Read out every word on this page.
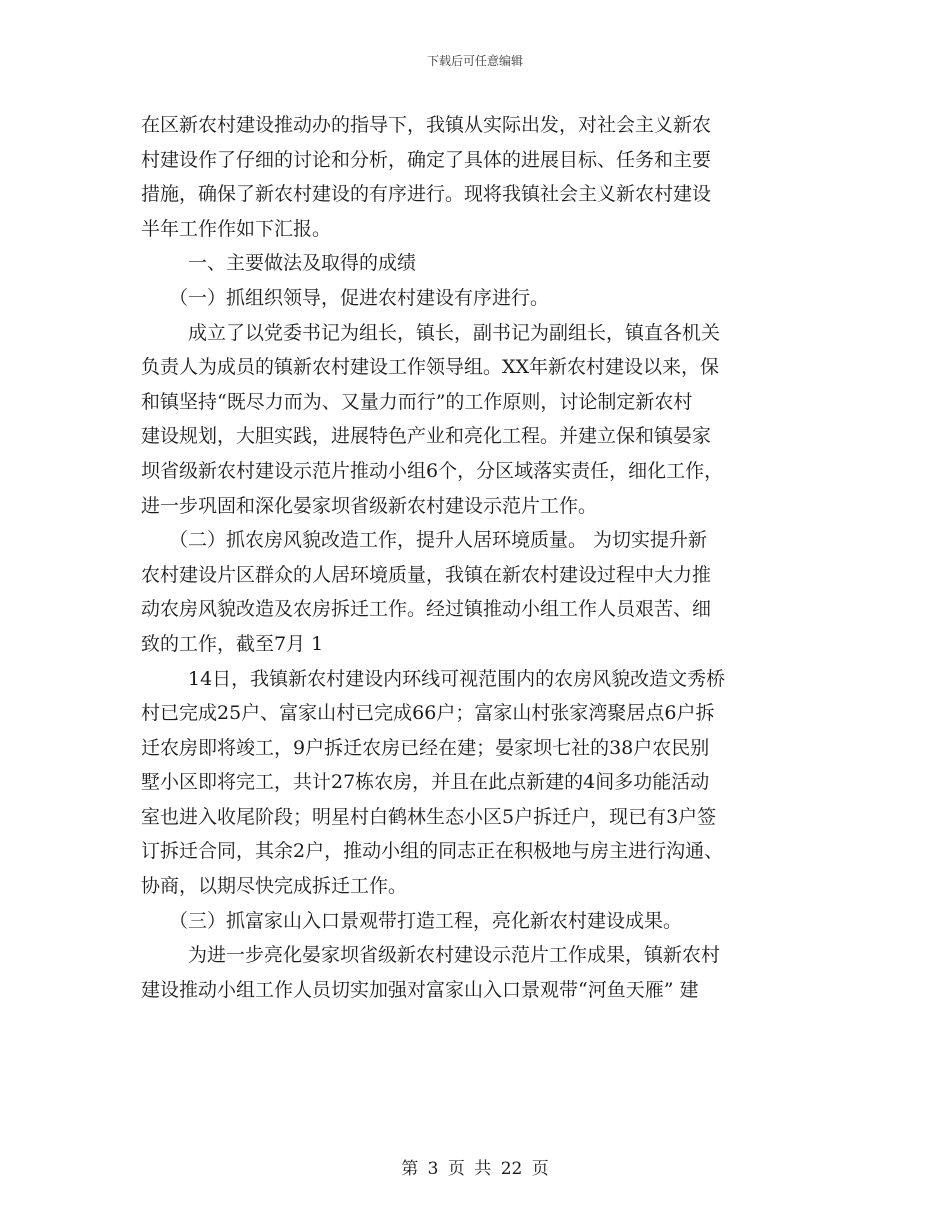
下载后可任意编辑
在区新农村建设推动办的指导下，我镇从实际出发，对社会主义新农
村建设作了仔细的讨论和分析，确定了具体的进展目标、任务和主要
措施，确保了新农村建设的有序进行。现将我镇社会主义新农村建设
半年工作作如下汇报。
一、主要做法及取得的成绩
（一）抓组织领导，促进农村建设有序进行。
成立了以党委书记为组长，镇长，副书记为副组长，镇直各机关
负责人为成员的镇新农村建设工作领导组。XX年新农村建设以来，保
和镇坚持“既尽力而为、又量力而行”的工作原则，讨论制定新农村
建设规划，大胆实践，进展特色产业和亮化工程。并建立保和镇晏家
坝省级新农村建设示范片推动小组6个，分区域落实责任，细化工作，
进一步巩固和深化晏家坝省级新农村建设示范片工作。
（二）抓农房风貌改造工作，提升人居环境质量。 为切实提升新
农村建设片区群众的人居环境质量，我镇在新农村建设过程中大力推
动农房风貌改造及农房拆迁工作。经过镇推动小组工作人员艰苦、细
致的工作，截至7月 1
14日，我镇新农村建设内环线可视范围内的农房风貌改造文秀桥
村已完成25户、富家山村已完成66户；富家山村张家湾聚居点6户拆
迁农房即将竣工，9户拆迁农房已经在建；晏家坝七社的38户农民别
墅小区即将完工，共计27栋农房，并且在此点新建的4间多功能活动
室也进入收尾阶段；明星村白鹤林生态小区5户拆迁户，现已有3户签
订拆迁合同，其余2户，推动小组的同志正在积极地与房主进行沟通、
协商，以期尽快完成拆迁工作。
（三）抓富家山入口景观带打造工程，亮化新农村建设成果。
为进一步亮化晏家坝省级新农村建设示范片工作成果，镇新农村
建设推动小组工作人员切实加强对富家山入口景观带“河鱼天雁” 建
第 3 页 共 22 页
